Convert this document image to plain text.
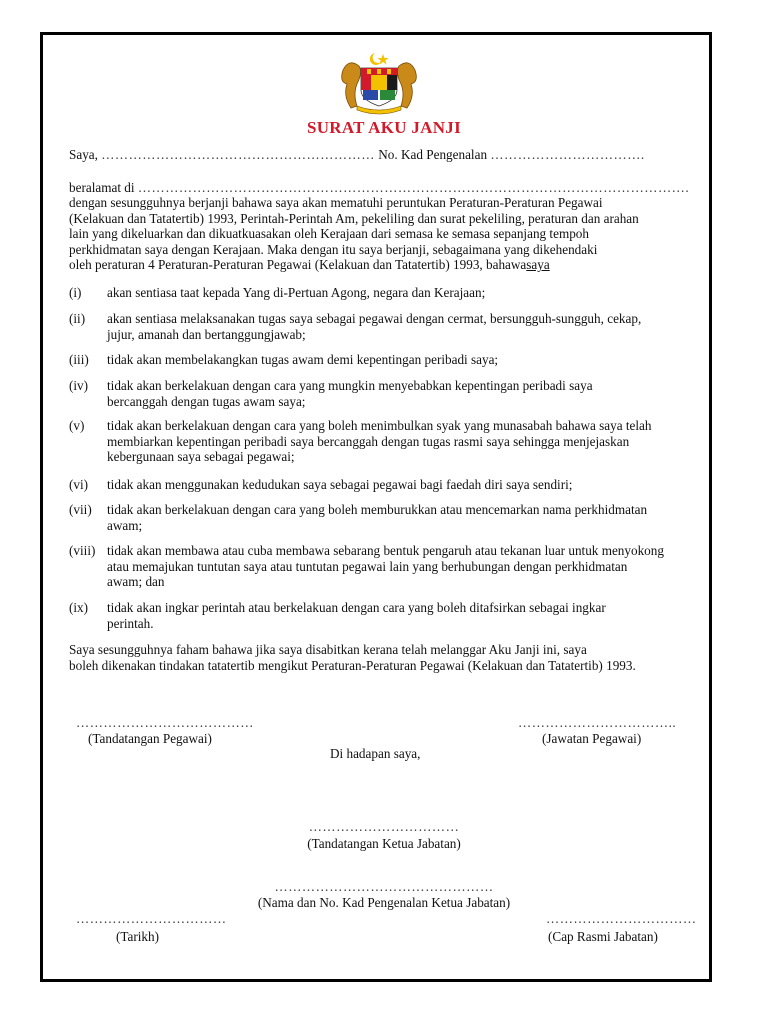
SURAT AKU JANJI
Saya, …………………………………………………… No. Kad Pengenalan …………………………….
beralamat di ………………………………………………………………………………………………………….
dengan sesungguhnya berjanji bahawa saya akan mematuhi peruntukan Peraturan-Peraturan Pegawai
(Kelakuan dan Tatatertib) 1993, Perintah-Perintah Am, pekeliling dan surat pekeliling, peraturan dan arahan
lain yang dikeluarkan dan dikuatkuasakan oleh Kerajaan dari semasa ke semasa sepanjang tempoh
perkhidmatan saya dengan Kerajaan. Maka dengan itu saya berjanji, sebagaimana yang dikehendaki
oleh peraturan 4 Peraturan-Peraturan Pegawai (Kelakuan dan Tatatertib) 1993, bahawasaya
(i) akan sentiasa taat kepada Yang di-Pertuan Agong, negara dan Kerajaan;
(ii) akan sentiasa melaksanakan tugas saya sebagai pegawai dengan cermat, bersungguh-sungguh, cekap,
jujur, amanah dan bertanggungjawab;
(iii) tidak akan membelakangkan tugas awam demi kepentingan peribadi saya;
(iv) tidak akan berkelakuan dengan cara yang mungkin menyebabkan kepentingan peribadi saya
bercanggah dengan tugas awam saya;
(v) tidak akan berkelakuan dengan cara yang boleh menimbulkan syak yang munasabah bahawa saya telah
membiarkan kepentingan peribadi saya bercanggah dengan tugas rasmi saya sehingga menjejaskan
kebergunaan saya sebagai pegawai;
(vi) tidak akan menggunakan kedudukan saya sebagai pegawai bagi faedah diri saya sendiri;
(vii) tidak akan berkelakuan dengan cara yang boleh memburukkan atau mencemarkan nama perkhidmatan
awam;
(viii) tidak akan membawa atau cuba membawa sebarang bentuk pengaruh atau tekanan luar untuk menyokong
atau memajukan tuntutan saya atau tuntutan pegawai lain yang berhubungan dengan perkhidmatan
awam; dan
(ix) tidak akan ingkar perintah atau berkelakuan dengan cara yang boleh ditafsirkan sebagai ingkar
perintah.
Saya sesungguhnya faham bahawa jika saya disabitkan kerana telah melanggar Aku Janji ini, saya
boleh dikenakan tindakan tatatertib mengikut Peraturan-Peraturan Pegawai (Kelakuan dan Tatatertib) 1993.
…………………………………
(Tandatangan Pegawai)
……………………………..
(Jawatan Pegawai)
Di hadapan saya,
……………………………
(Tandatangan Ketua Jabatan)
…………………………………………
(Nama dan No. Kad Pengenalan Ketua Jabatan)
……………………………
(Tarikh)
……………………………
(Cap Rasmi Jabatan)
